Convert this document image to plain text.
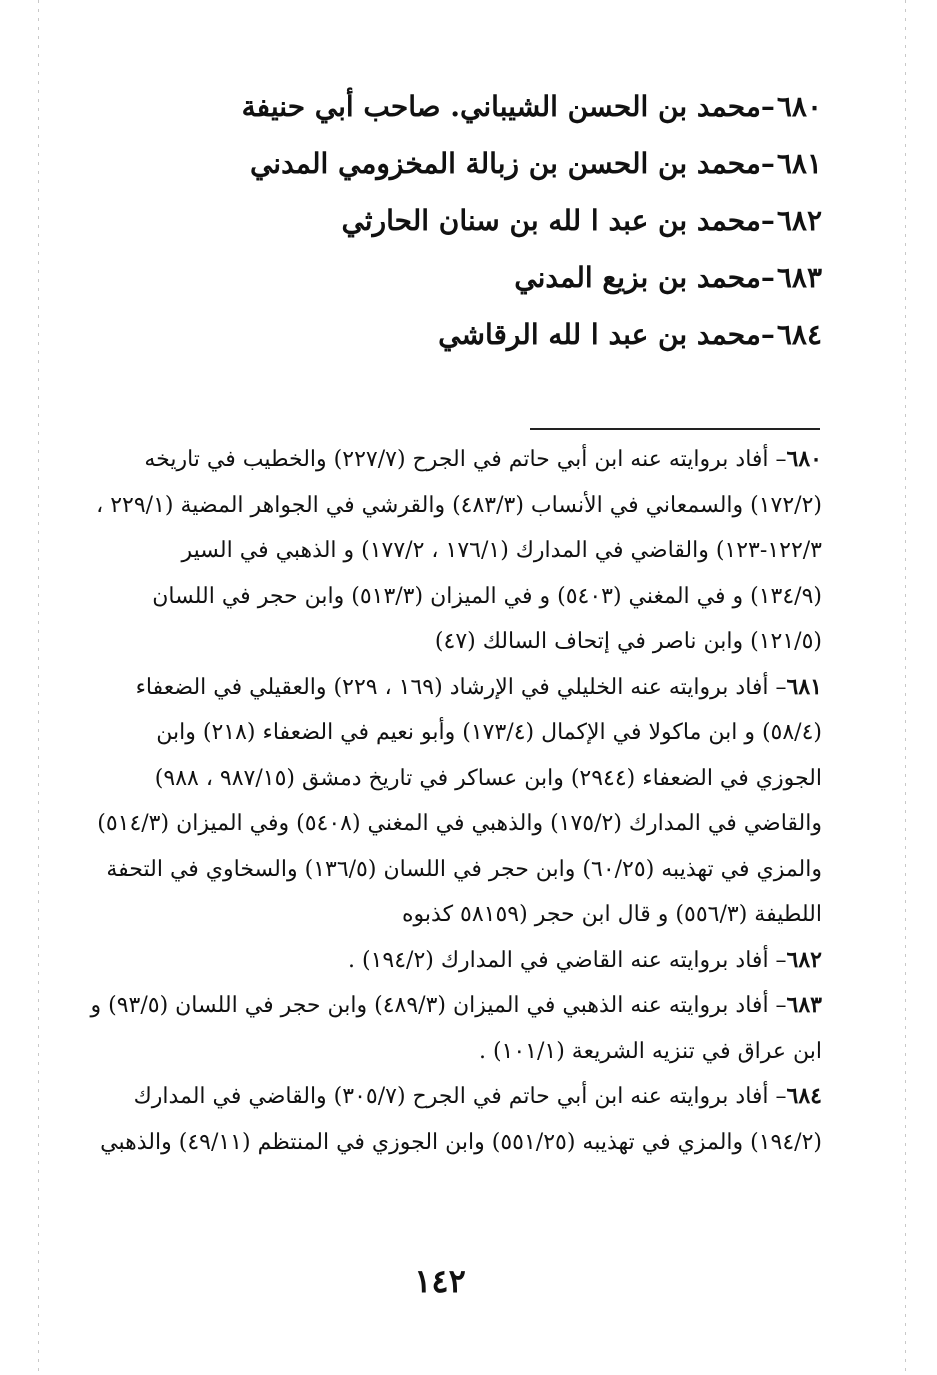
٦٨٠–محمد بن الحسن الشيباني. صاحب أبي حنيفة
٦٨١–محمد بن الحسن بن زبالة المخزومي المدني
٦٨٢–محمد بن عبد ا لله بن سنان الحارثي
٦٨٣–محمد بن بزيع المدني
٦٨٤–محمد بن عبد ا لله الرقاشي
٦٨٠– أفاد بروايته عنه ابن أبي حاتم في الجرح (٢٢٧/٧) والخطيب في تاريخه
(١٧٢/٢) والسمعاني في الأنساب (٤٨٣/٣) والقرشي في الجواهر المضية (٢٢٩/١ ،
١٢٢/٣-١٢٣) والقاضي في المدارك (١٧٦/١ ، ١٧٧/٢) و الذهبي في السير
(١٣٤/٩) و في المغني (٥٤٠٣) و في الميزان (٥١٣/٣) وابن حجر في اللسان
(١٢١/٥) وابن ناصر في إتحاف السالك (٤٧)
٦٨١– أفاد بروايته عنه الخليلي في الإرشاد (١٦٩ ، ٢٢٩) والعقيلي في الضعفاء
(٥٨/٤) و ابن ماكولا في الإكمال (١٧٣/٤) وأبو نعيم في الضعفاء (٢١٨) وابن
الجوزي في الضعفاء (٢٩٤٤) وابن عساكر في تاريخ دمشق (٩٨٧/١٥ ، ٩٨٨)
والقاضي في المدارك (١٧٥/٢) والذهبي في المغني (٥٤٠٨) وفي الميزان (٥١٤/٣)
والمزي في تهذيبه (٦٠/٢٥) وابن حجر في اللسان (١٣٦/٥) والسخاوي في التحفة
اللطيفة (٥٥٦/٣) و قال ابن حجر (٥٨١٥٩ كذبوه
٦٨٢– أفاد بروايته عنه القاضي في المدارك (١٩٤/٢) .
٦٨٣– أفاد بروايته عنه الذهبي في الميزان (٤٨٩/٣) وابن حجر في اللسان (٩٣/٥) و
ابن عراق في تنزيه الشريعة (١٠١/١) .
٦٨٤– أفاد بروايته عنه ابن أبي حاتم في الجرح (٣٠٥/٧) والقاضي في المدارك
(١٩٤/٢) والمزي في تهذيبه (٥٥١/٢٥) وابن الجوزي في المنتظم (٤٩/١١) والذهبي
١٤٢
